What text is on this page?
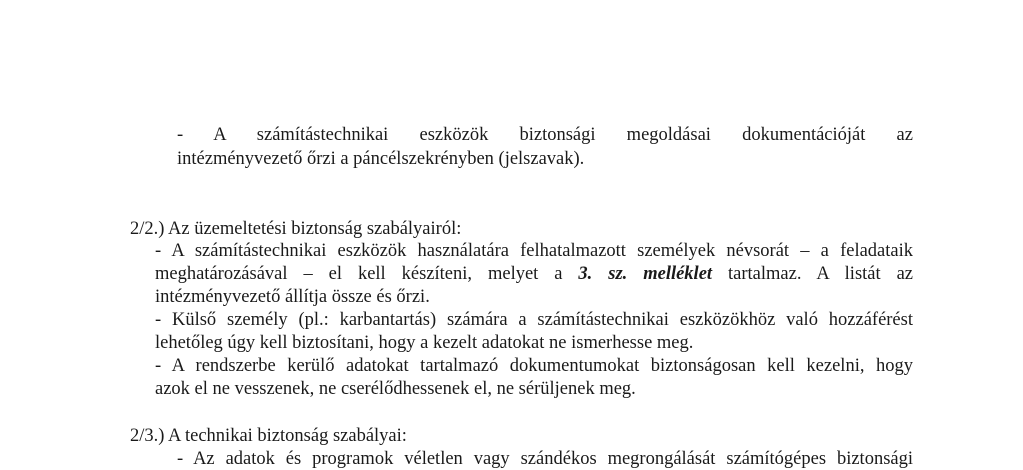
- A számítástechnikai eszközök biztonsági megoldásai dokumentációját az
intézményvezető őrzi a páncélszekrényben (jelszavak).
2/2.) Az üzemeltetési biztonság szabályairól:
- A számítástechnikai eszközök használatára felhatalmazott személyek névsorát – a feladataik
meghatározásával – el kell készíteni, melyet a 3. sz. melléklet tartalmaz. A listát az
intézményvezető állítja össze és őrzi.
- Külső személy (pl.: karbantartás) számára a számítástechnikai eszközökhöz való hozzáférést
lehetőleg úgy kell biztosítani, hogy a kezelt adatokat ne ismerhesse meg.
- A rendszerbe kerülő adatokat tartalmazó dokumentumokat biztonságosan kell kezelni, hogy
azok el ne vesszenek, ne cserélődhessenek el, ne sérüljenek meg.
2/3.) A technikai biztonság szabályai:
- Az adatok és programok véletlen vagy szándékos megrongálását számítógépes biztonsági
